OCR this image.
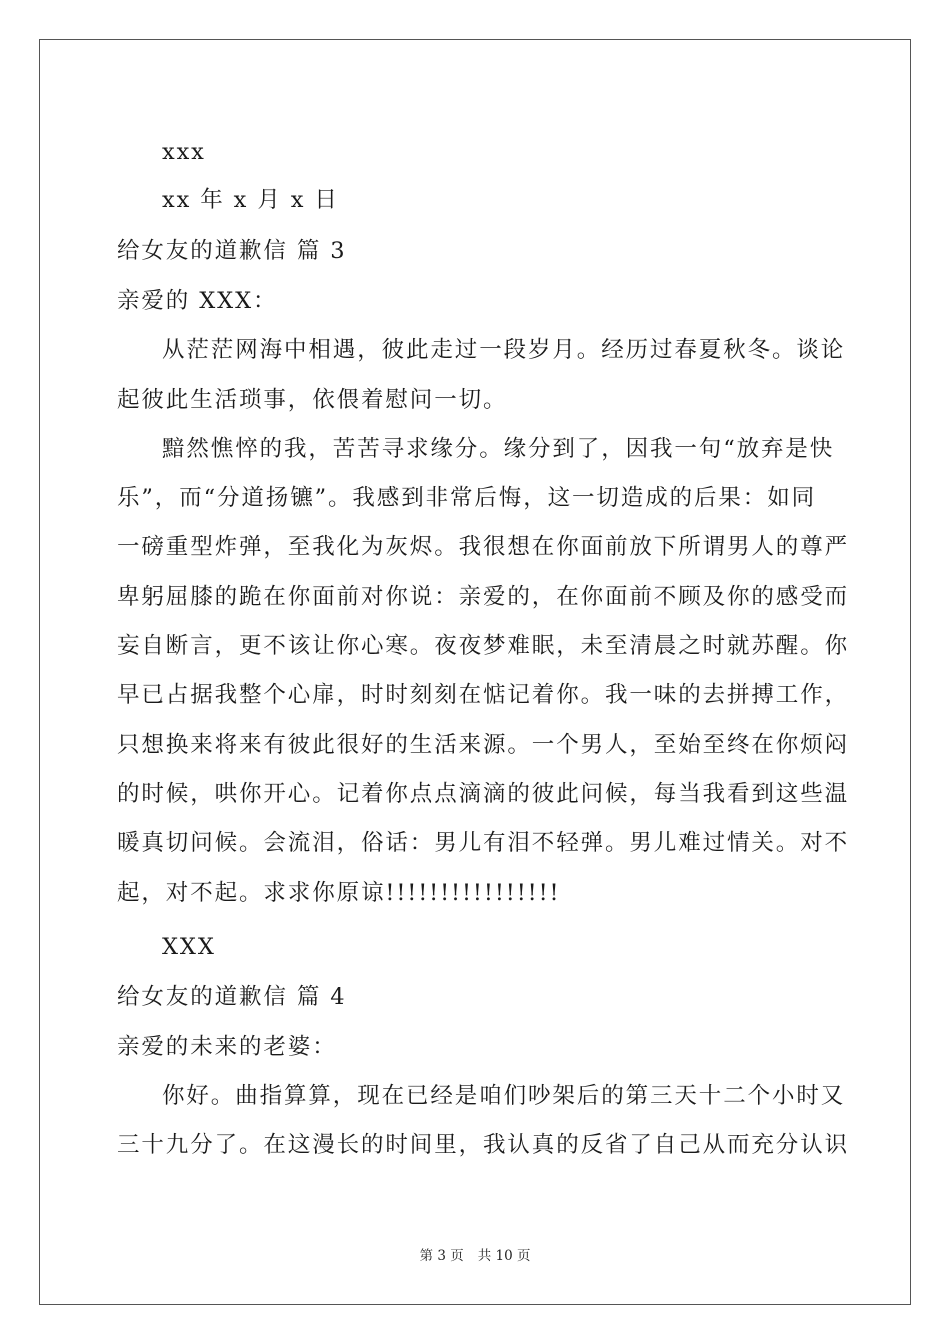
xxx
xx 年 x 月 x 日
给女友的道歉信 篇 3
亲爱的 XXX：
从茫茫网海中相遇，彼此走过一段岁月。经历过春夏秋冬。谈论
起彼此生活琐事，依偎着慰问一切。
黯然憔悴的我，苦苦寻求缘分。缘分到了，因我一句“放弃是快
乐”，而“分道扬镳”。我感到非常后悔，这一切造成的后果：如同
一磅重型炸弹，至我化为灰烬。我很想在你面前放下所谓男人的尊严
卑躬屈膝的跪在你面前对你说：亲爱的，在你面前不顾及你的感受而
妄自断言，更不该让你心寒。夜夜梦难眠，未至清晨之时就苏醒。你
早已占据我整个心扉，时时刻刻在惦记着你。我一味的去拼搏工作，
只想换来将来有彼此很好的生活来源。一个男人，至始至终在你烦闷
的时候，哄你开心。记着你点点滴滴的彼此问候，每当我看到这些温
暖真切问候。会流泪，俗话：男儿有泪不轻弹。男儿难过情关。对不
起，对不起。求求你原谅!!!!!!!!!!!!!!!!
XXX
给女友的道歉信 篇 4
亲爱的未来的老婆：
你好。曲指算算，现在已经是咱们吵架后的第三天十二个小时又
三十九分了。在这漫长的时间里，我认真的反省了自己从而充分认识
第 3 页 共 10 页
